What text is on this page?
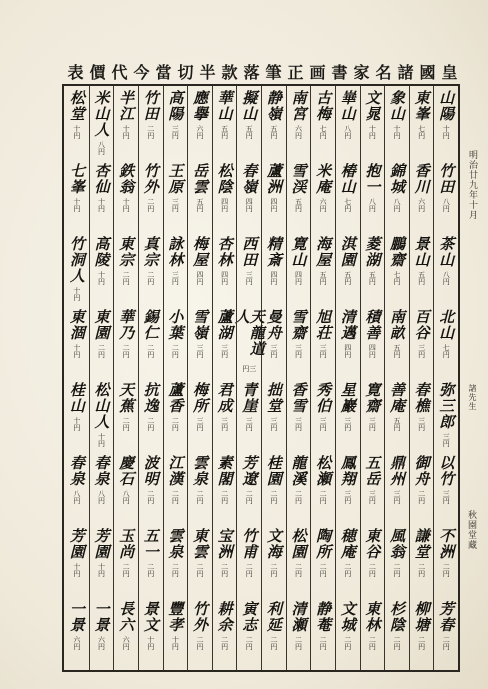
表 價 代 今 當 切 半 款 落 筆 正 画 書 家 名 諸 國 皇
明治廿九年十月
諸先生
秋園堂藏
山陽
十円
竹田
八円
茶山
八円
北山
七円
弥三郎
三円
以竹
三円
不洲
二円
芳春
二円
東峯
七円
香川
六円
景山
五円
百谷
三円
春樵
三円
御舟
二円
謙堂
二円
柳塘
二円
象山
十円
錦城
八円
鵬齋
七円
南畝
五円
善庵
五円
鼎州
三円
風翁
二円
杉陰
二円
文晁
十円
抱一
八円
菱湖
五円
積善
四円
寛齋
三円
五岳
三円
東谷
二円
東林
二円
崋山
八円
椿山
七円
淇園
五円
清邁
四円
星巖
三円
鳳翔
三円
穂庵
二円
文城
二円
古梅
七円
米庵
六円
海屋
五円
旭荘
三円
秀伯
三円
松瀬
二円
陶所
二円
静菴
二円
南宮
六円
雪渓
五円
寛山
四円
雪齋
三円
香雪
三円
龍溪
二円
松園
二円
清瀬
二円
静嶺
五円
蘆洲
四円
精斎
四円
曼舟
三円
拙堂
三円
桂園
二円
文海
二円
利延
二円
擬山
五円
春嶺
四円
西田
三円
天龍道人
三円
青崖
三円
芳遼
二円
竹甫
二円
寅志
二円
華山
五円
松陰
四円
杏林
四円
蘆湖
三円
君成
三円
素閣
二円
宝洲
二円
耕余
二円
應擧
六円
岳雲
五円
梅屋
四円
雪嶺
三円
梅所
三円
雲泉
二円
東雲
二円
竹外
二円
高陽
三円
王原
三円
詠林
三円
小葉
二円
蘆香
二円
江漢
二円
雲泉
二円
豐孝
十円
竹田
二円
竹外
二円
真宗
二円
錫仁
二円
抗逸
二円
波明
二円
五一
二円
景文
十円
半江
十円
鉄翁
十円
東宗
二円
華乃
二円
天蕉
二円
慶石
八円
玉尚
二円
長六
六円
米山人
八円
杏仙
十円
高陵
十円
東園
二円
松山人
十円
春泉
八円
芳園
十円
一景
六円
松堂
十円
七峯
十円
竹洞人
十円
東涸
十円
桂山
十円
春泉
八円
芳園
十円
一景
六円
